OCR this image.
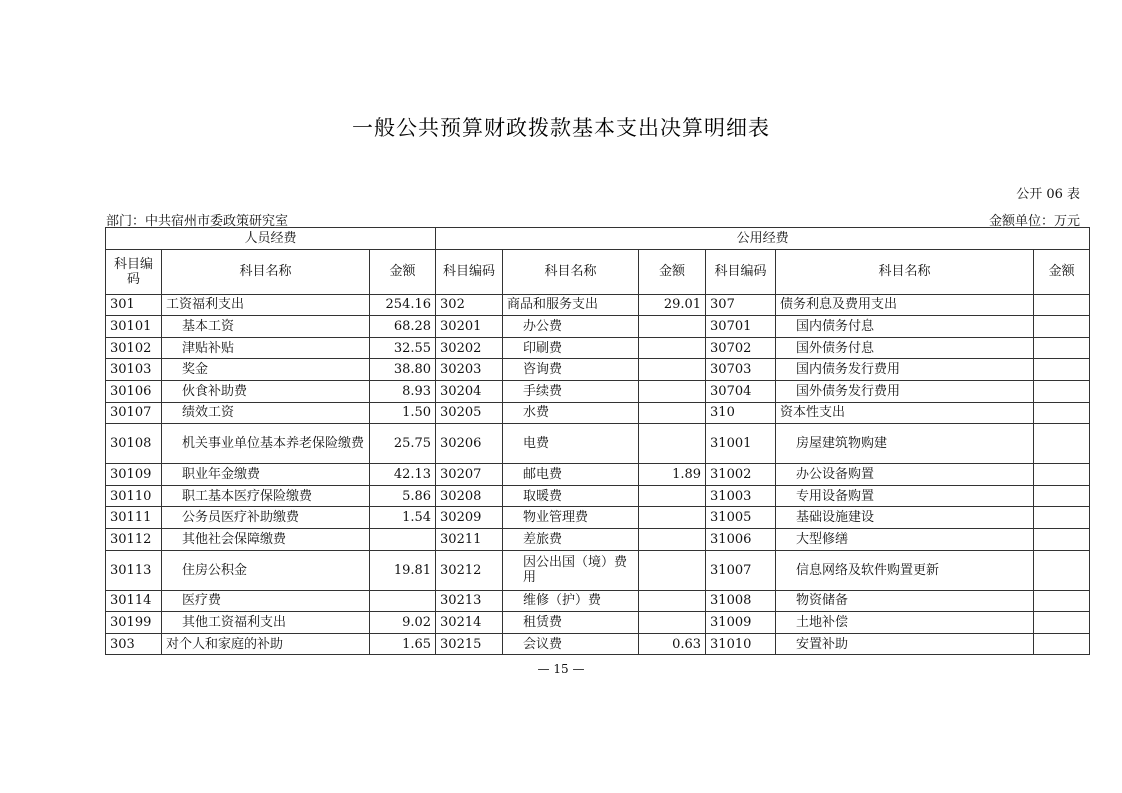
一般公共预算财政拨款基本支出决算明细表
公开 06 表
部门：中共宿州市委政策研究室	金额单位：万元
人员经费			公用经费					
科目编码	科目名称	金额	科目编码	科目名称	金额	科目编码	科目名称	金额
301	工资福利支出	254.16	302	商品和服务支出	29.01	307	债务利息及费用支出	
30101	基本工资	68.28	30201	办公费		30701	国内债务付息	
30102	津贴补贴	32.55	30202	印刷费		30702	国外债务付息	
30103	奖金	38.80	30203	咨询费		30703	国内债务发行费用	
30106	伙食补助费	8.93	30204	手续费		30704	国外债务发行费用	
30107	绩效工资	1.50	30205	水费		310	资本性支出	
30108	机关事业单位基本养老保险缴费	25.75	30206	电费		31001	房屋建筑物购建	
30109	职业年金缴费	42.13	30207	邮电费	1.89	31002	办公设备购置	
30110	职工基本医疗保险缴费	5.86	30208	取暖费		31003	专用设备购置	
30111	公务员医疗补助缴费	1.54	30209	物业管理费		31005	基础设施建设	
30112	其他社会保障缴费		30211	差旅费		31006	大型修缮	
30113	住房公积金	19.81	30212	因公出国（境）费用		31007	信息网络及软件购置更新	
30114	医疗费		30213	维修（护）费		31008	物资储备	
30199	其他工资福利支出	9.02	30214	租赁费		31009	土地补偿	
303	对个人和家庭的补助	1.65	30215	会议费	0.63	31010	安置补助	
— 15 —
